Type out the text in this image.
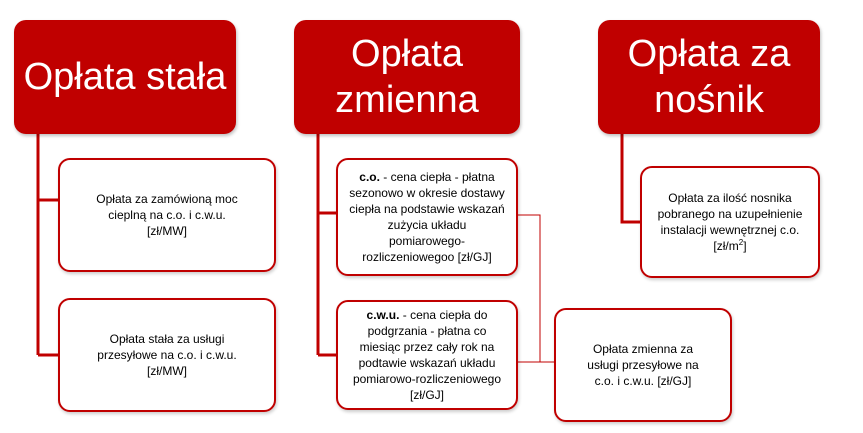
Opłata stała
Opłata za zamówioną moc
cieplną na c.o. i c.w.u.
[zł/MW]
Opłata stała za usługi
przesyłowe na c.o. i c.w.u.
[zł/MW]
Opłata
zmienna
c.o. - cena ciepła - płatna
sezonowo w okresie dostawy
ciepła na podstawie wskazań
zużycia układu
pomiarowego-
rozliczeniowegoo [zł/GJ]
c.w.u. - cena ciepła do
podgrzania - płatna co
miesiąc przez cały rok na
podtawie wskazań układu
pomiarowo-rozliczeniowego
[zł/GJ]
Opłata zmienna za
usługi przesyłowe na
c.o. i c.w.u. [zł/GJ]
Opłata za
nośnik
Opłata za ilość nosnika
pobranego na uzupełnienie
instalacji wewnętrznej c.o.
$[zł/m^2]$
